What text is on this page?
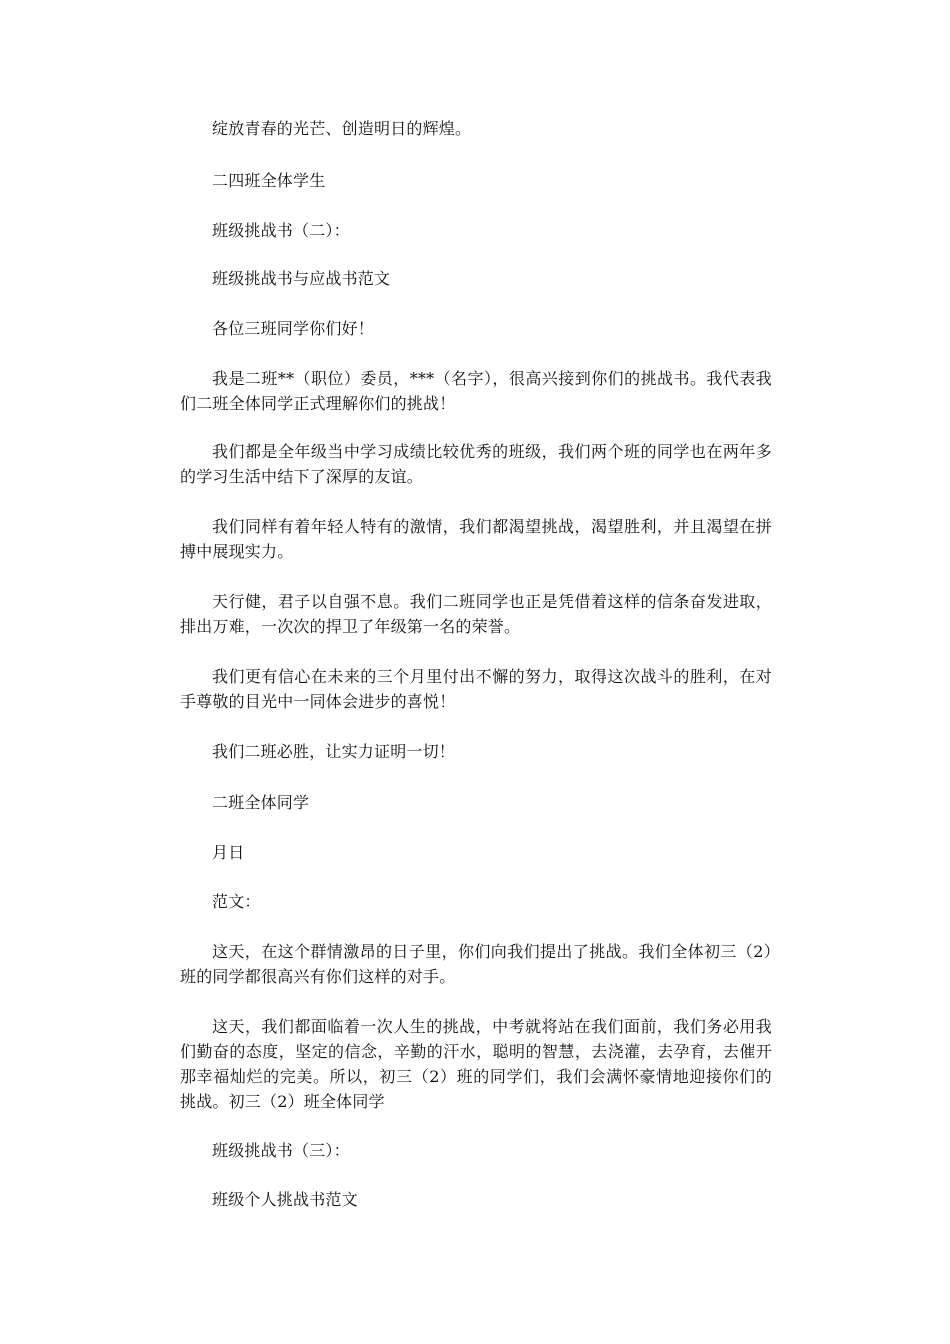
绽放青春的光芒、创造明日的辉煌。

二四班全体学生

班级挑战书（二）：

班级挑战书与应战书范文

各位三班同学你们好！

我是二班**（职位）委员，***（名字），很高兴接到你们的挑战书。我代表我们二班全体同学正式理解你们的挑战！

我们都是全年级当中学习成绩比较优秀的班级，我们两个班的同学也在两年多的学习生活中结下了深厚的友谊。

我们同样有着年轻人特有的激情，我们都渴望挑战，渴望胜利，并且渴望在拼搏中展现实力。

天行健，君子以自强不息。我们二班同学也正是凭借着这样的信条奋发进取，排出万难，一次次的捍卫了年级第一名的荣誉。

我们更有信心在未来的三个月里付出不懈的努力，取得这次战斗的胜利，在对手尊敬的目光中一同体会进步的喜悦！

我们二班必胜，让实力证明一切！

二班全体同学

月日

范文：

这天，在这个群情激昂的日子里，你们向我们提出了挑战。我们全体初三（2）班的同学都很高兴有你们这样的对手。

这天，我们都面临着一次人生的挑战，中考就将站在我们面前，我们务必用我们勤奋的态度，坚定的信念，辛勤的汗水，聪明的智慧，去浇灌，去孕育，去催开那幸福灿烂的完美。所以，初三（2）班的同学们，我们会满怀豪情地迎接你们的挑战。初三（2）班全体同学

班级挑战书（三）：

班级个人挑战书范文
